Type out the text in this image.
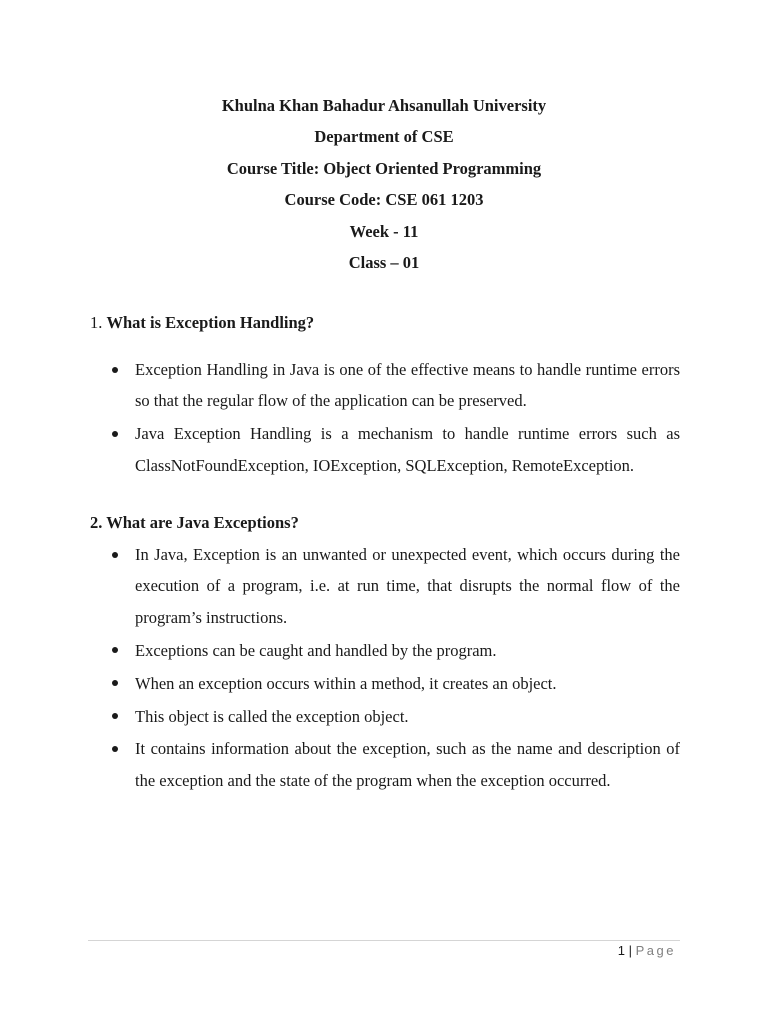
Khulna Khan Bahadur Ahsanullah University
Department of CSE
Course Title: Object Oriented Programming
Course Code: CSE 061 1203
Week - 11
Class – 01
1. What is Exception Handling?
Exception Handling in Java is one of the effective means to handle runtime errors so that the regular flow of the application can be preserved.
Java Exception Handling is a mechanism to handle runtime errors such as ClassNotFoundException, IOException, SQLException, RemoteException.
2. What are Java Exceptions?
In Java, Exception is an unwanted or unexpected event, which occurs during the execution of a program, i.e. at run time, that disrupts the normal flow of the program’s instructions.
Exceptions can be caught and handled by the program.
When an exception occurs within a method, it creates an object.
This object is called the exception object.
It contains information about the exception, such as the name and description of the exception and the state of the program when the exception occurred.
1 | Page
